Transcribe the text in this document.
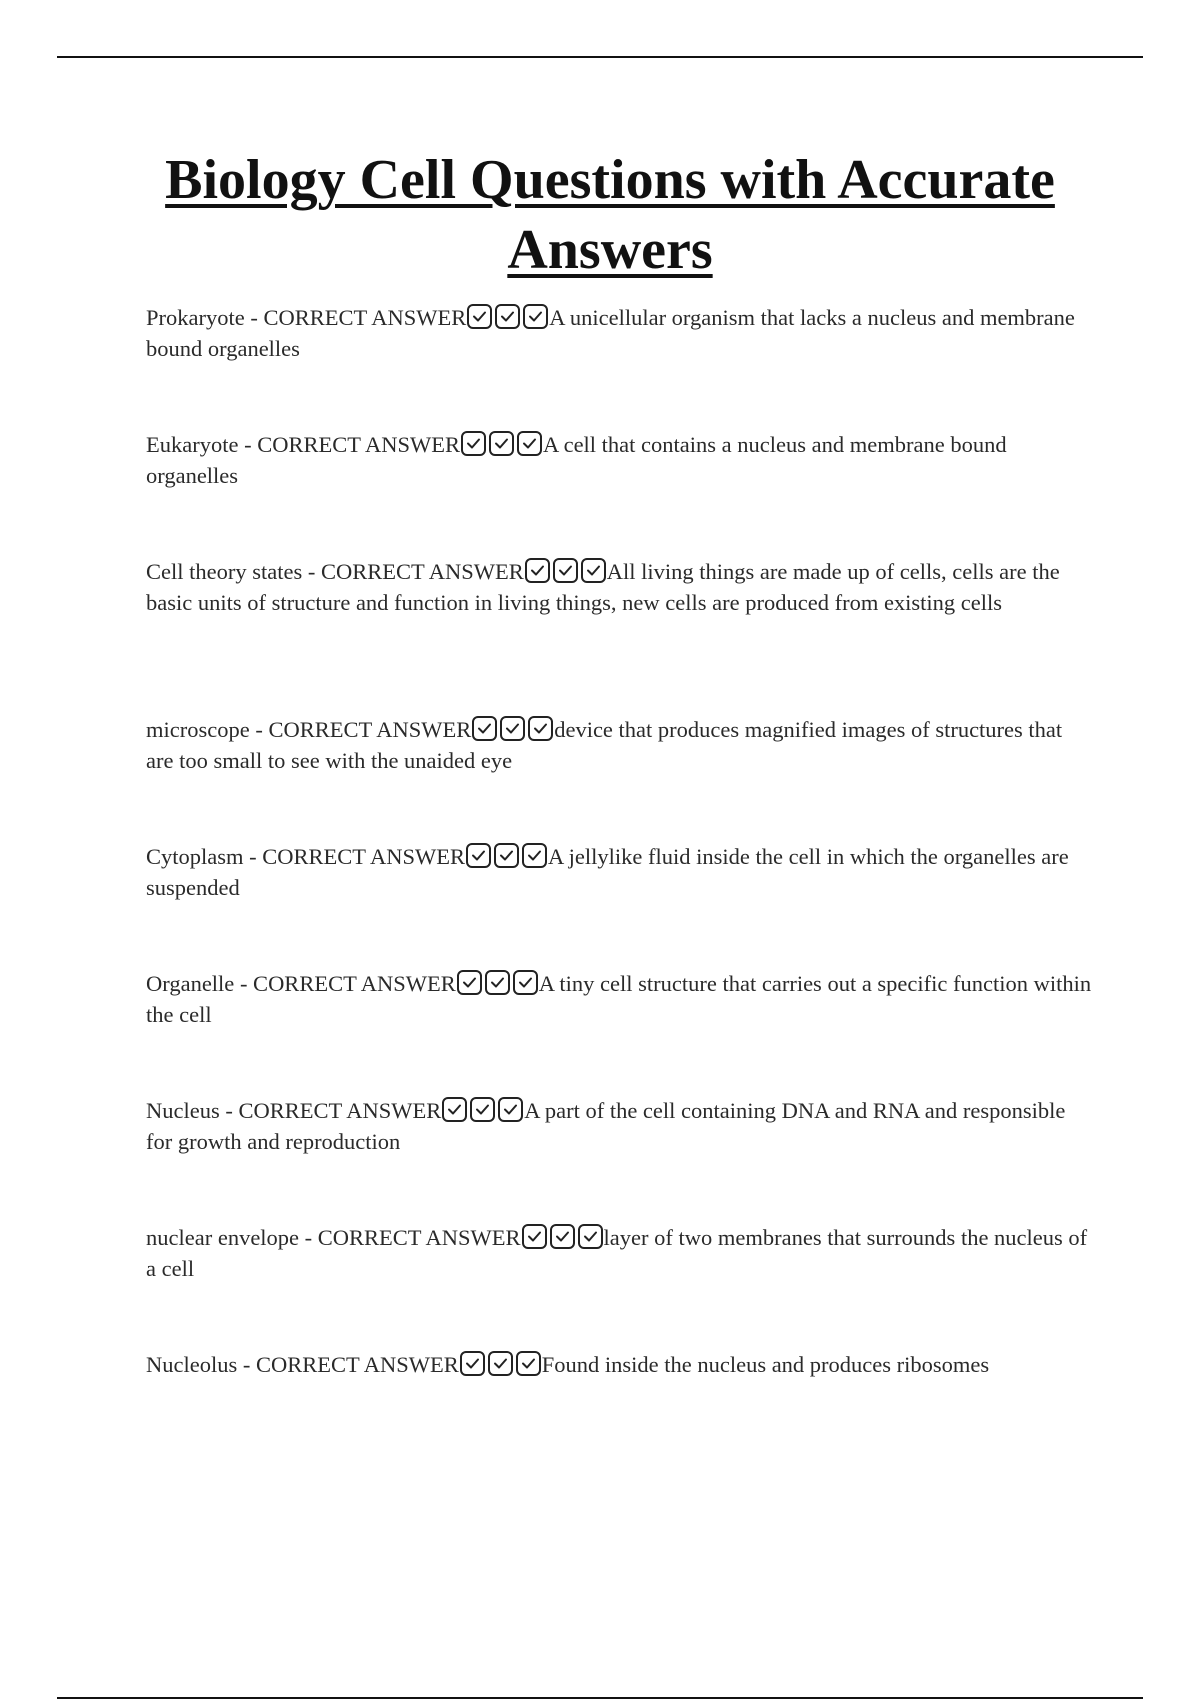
Biology Cell Questions with Accurate Answers
Prokaryote - CORRECT ANSWER	A unicellular organism that lacks a nucleus and membrane bound organelles
Eukaryote - CORRECT ANSWER	A cell that contains a nucleus and membrane bound organelles
Cell theory states - CORRECT ANSWER	All living things are made up of cells, cells are the basic units of structure and function in living things, new cells are produced from existing cells
microscope - CORRECT ANSWER	device that produces magnified images of structures that are too small to see with the unaided eye
Cytoplasm - CORRECT ANSWER	A jellylike fluid inside the cell in which the organelles are suspended
Organelle - CORRECT ANSWER	A tiny cell structure that carries out a specific function within the cell
Nucleus - CORRECT ANSWER	A part of the cell containing DNA and RNA and responsible for growth and reproduction
nuclear envelope - CORRECT ANSWER	layer of two membranes that surrounds the nucleus of a cell
Nucleolus - CORRECT ANSWER	Found inside the nucleus and produces ribosomes
